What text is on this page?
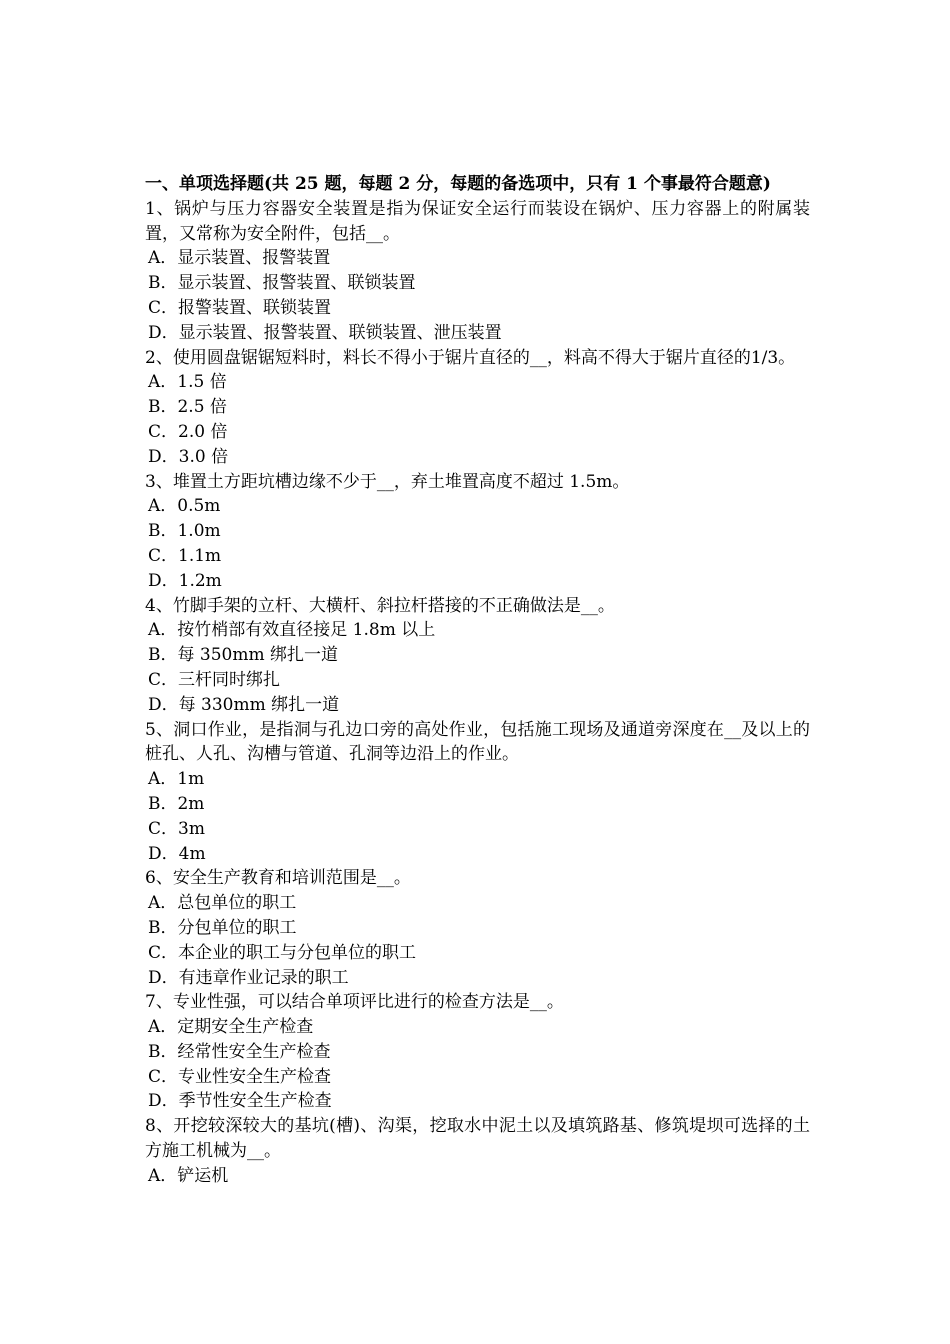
一、单项选择题(共 25 题，每题 2 分，每题的备选项中，只有 1 个事最符合题意)
1、锅炉与压力容器安全装置是指为保证安全运行而装设在锅炉、压力容器上的附属装置，又常称为安全附件，包括__。
A．显示装置、报警装置
B．显示装置、报警装置、联锁装置
C．报警装置、联锁装置
D．显示装置、报警装置、联锁装置、泄压装置
2、使用圆盘锯锯短料时，料长不得小于锯片直径的__，料高不得大于锯片直径的1/3。
A．1.5 倍
B．2.5 倍
C．2.0 倍
D．3.0 倍
3、堆置土方距坑槽边缘不少于__，弃土堆置高度不超过 1.5m。
A．0.5m
B．1.0m
C．1.1m
D．1.2m
4、竹脚手架的立杆、大横杆、斜拉杆搭接的不正确做法是__。
A．按竹梢部有效直径接足 1.8m 以上
B．每 350mm 绑扎一道
C．三杆同时绑扎
D．每 330mm 绑扎一道
5、洞口作业，是指洞与孔边口旁的高处作业，包括施工现场及通道旁深度在__及以上的桩孔、人孔、沟槽与管道、孔洞等边沿上的作业。
A．1m
B．2m
C．3m
D．4m
6、安全生产教育和培训范围是__。
A．总包单位的职工
B．分包单位的职工
C．本企业的职工与分包单位的职工
D．有违章作业记录的职工
7、专业性强，可以结合单项评比进行的检查方法是__。
A．定期安全生产检查
B．经常性安全生产检查
C．专业性安全生产检查
D．季节性安全生产检查
8、开挖较深较大的基坑(槽)、沟渠，挖取水中泥土以及填筑路基、修筑堤坝可选择的土方施工机械为__。
A．铲运机
